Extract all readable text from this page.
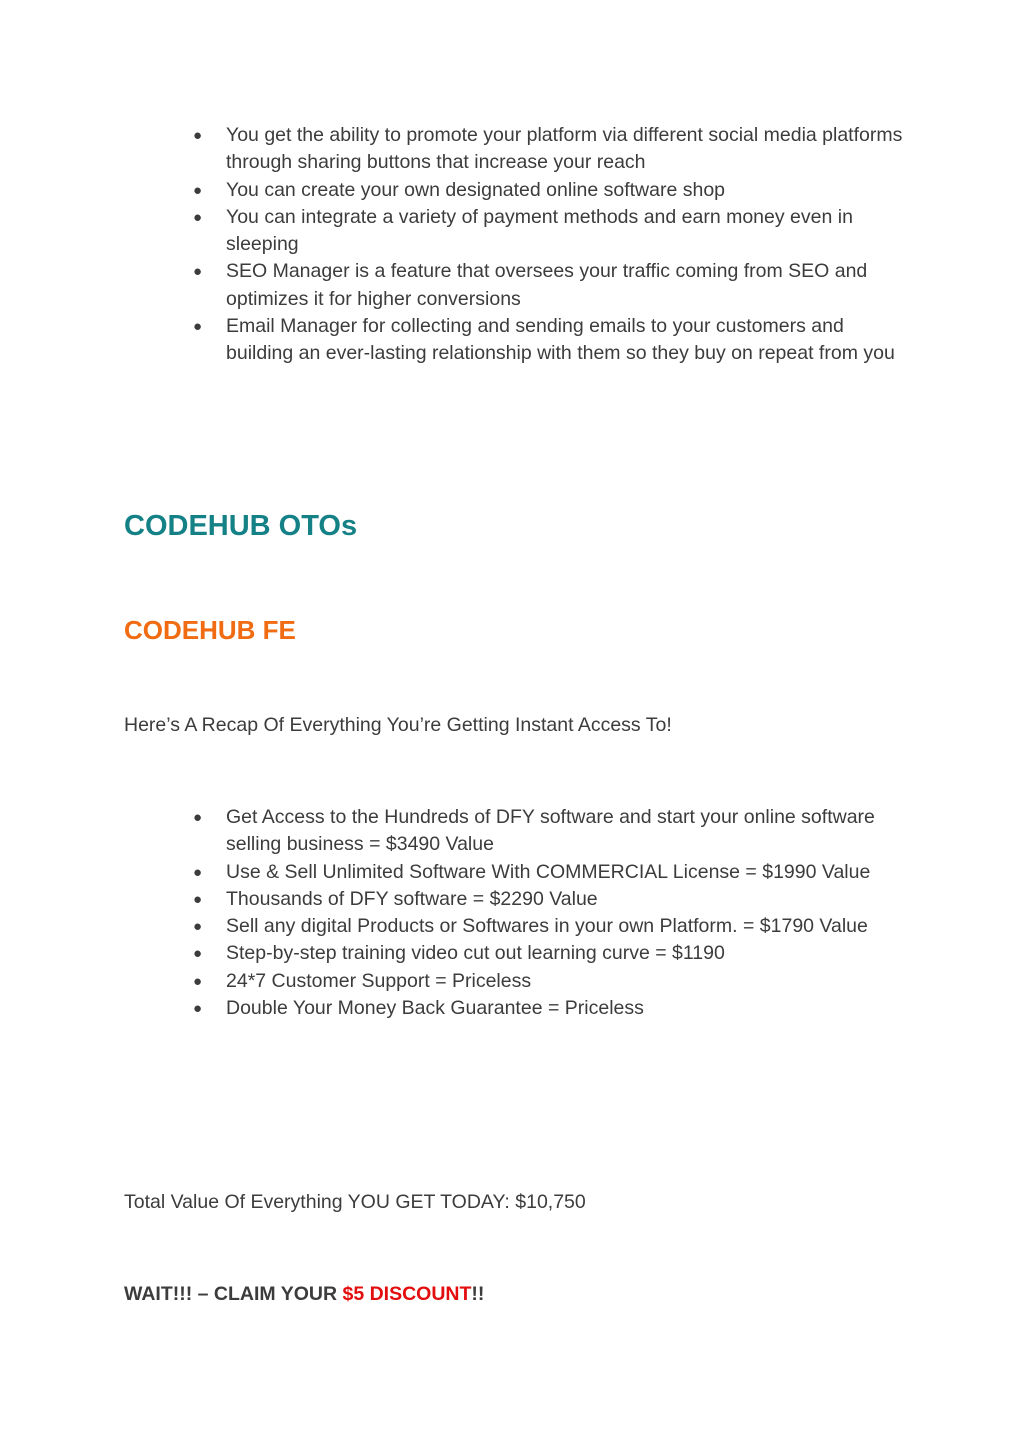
●	You get the ability to promote your platform via different social media platforms through sharing buttons that increase your reach
●	You can create your own designated online software shop
●	You can integrate a variety of payment methods and earn money even in sleeping
●	SEO Manager is a feature that oversees your traffic coming from SEO and optimizes it for higher conversions
●	Email Manager for collecting and sending emails to your customers and building an ever-lasting relationship with them so they buy on repeat from you
CODEHUB OTOs
CODEHUB FE

Here’s A Recap Of Everything You’re Getting Instant Access To!

●	Get Access to the Hundreds of DFY software and start your online software selling business = $3490 Value
●	Use & Sell Unlimited Software With COMMERCIAL License = $1990 Value
●	Thousands of DFY software = $2290 Value
●	Sell any digital Products or Softwares in your own Platform. = $1790 Value
●	Step-by-step training video cut out learning curve = $1190
●	24*7 Customer Support = Priceless
●	Double Your Money Back Guarantee = Priceless

Total Value Of Everything YOU GET TODAY: $10,750

WAIT!!! – CLAIM YOUR $5 DISCOUNT!!
